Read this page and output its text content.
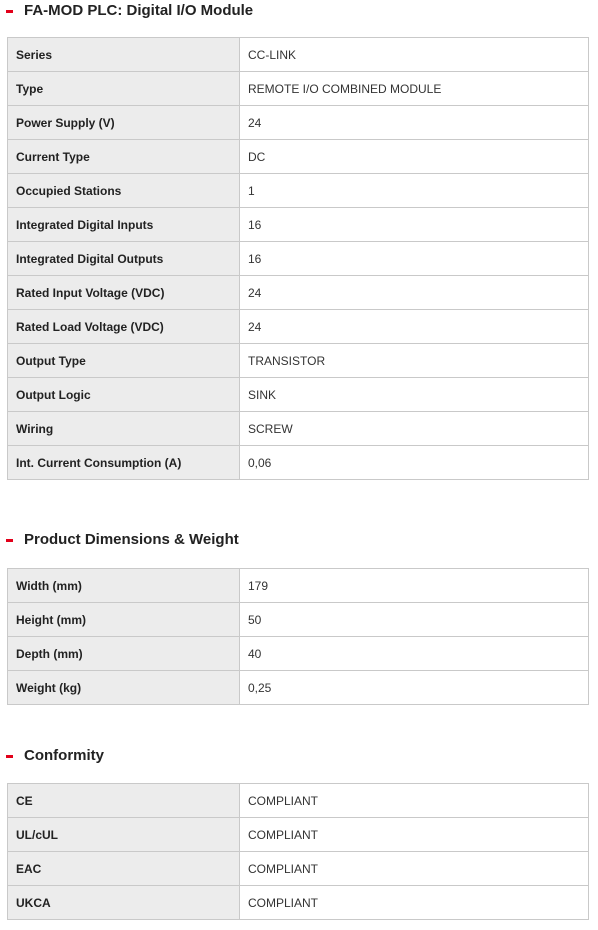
FA-MOD PLC: Digital I/O Module
Series	CC-LINK
Type	REMOTE I/O COMBINED MODULE
Power Supply (V)	24
Current Type	DC
Occupied Stations	1
Integrated Digital Inputs	16
Integrated Digital Outputs	16
Rated Input Voltage (VDC)	24
Rated Load Voltage (VDC)	24
Output Type	TRANSISTOR
Output Logic	SINK
Wiring	SCREW
Int. Current Consumption (A)	0,06
Product Dimensions & Weight
Width (mm)	179
Height (mm)	50
Depth (mm)	40
Weight (kg)	0,25
Conformity
CE	COMPLIANT
UL/cUL	COMPLIANT
EAC	COMPLIANT
UKCA	COMPLIANT
